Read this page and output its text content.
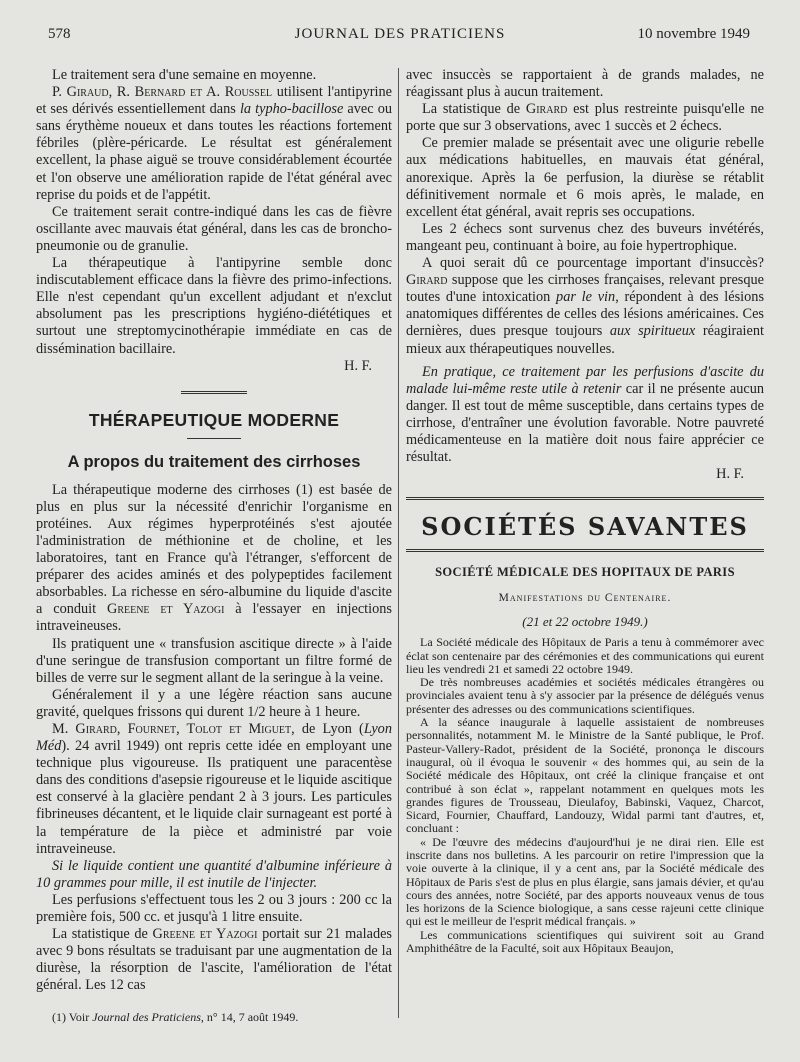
578	JOURNAL DES PRATICIENS	10 novembre 1949

Le traitement sera d'une semaine en moyenne.

P. Giraud, R. Bernard et A. Roussel utilisent l'antipyrine et ses dérivés essentiellement dans la typho-bacillose avec ou sans érythème noueux et dans toutes les réactions fortement fébriles (plère-péricarde. Le résultat est généralement excellent, la phase aiguë se trouve considérablement écourtée et l'on observe une amélioration rapide de l'état général avec reprise du poids et de l'appétit.

Ce traitement serait contre-indiqué dans les cas de fièvre oscillante avec mauvais état général, dans les cas de broncho-pneumonie ou de granulie.

La thérapeutique à l'antipyrine semble donc indiscutablement efficace dans la fièvre des primo-infections. Elle n'est cependant qu'un excellent adjudant et n'exclut absolument pas les prescriptions hygiéno-diététiques et surtout une streptomycinothérapie immédiate en cas de dissémination bacillaire.

H. F.

THÉRAPEUTIQUE MODERNE
A propos du traitement des cirrhoses

La thérapeutique moderne des cirrhoses (1) est basée de plus en plus sur la nécessité d'enrichir l'organisme en protéines. Aux régimes hyperprotéinés s'est ajoutée l'administration de méthionine et de choline, et les laboratoires, tant en France qu'à l'étranger, s'efforcent de préparer des acides aminés et des polypeptides facilement absorbables. La richesse en séro-albumine du liquide d'ascite a conduit Greene et Yazogi à l'essayer en injections intraveineuses.

Ils pratiquent une « transfusion ascitique directe » à l'aide d'une seringue de transfusion comportant un filtre formé de billes de verre sur le segment allant de la seringue à la veine.

Généralement il y a une légère réaction sans aucune gravité, quelques frissons qui durent 1/2 heure à 1 heure.

M. Girard, Fournet, Tolot et Miguet, de Lyon (Lyon Méd). 24 avril 1949) ont repris cette idée en employant une technique plus vigoureuse. Ils pratiquent une paracentèse dans des conditions d'asepsie rigoureuse et le liquide ascitique est conservé à la glacière pendant 2 à 3 jours. Les particules fibrineuses décantent, et le liquide clair surnageant est porté à la température de la pièce et administré par voie intraveineuse.

Si le liquide contient une quantité d'albumine inférieure à 10 grammes pour mille, il est inutile de l'injecter.

Les perfusions s'effectuent tous les 2 ou 3 jours : 200 cc la première fois, 500 cc. et jusqu'à 1 litre ensuite.

La statistique de Greene et Yazogi portait sur 21 malades avec 9 bons résultats se traduisant par une augmentation de la diurèse, la résorption de l'ascite, l'amélioration de l'état général. Les 12 cas

(1) Voir Journal des Praticiens, n° 14, 7 août 1949.

avec insuccès se rapportaient à de grands malades, ne réagissant plus à aucun traitement.

La statistique de Girard est plus restreinte puisqu'elle ne porte que sur 3 observations, avec 1 succès et 2 échecs.

Ce premier malade se présentait avec une oligurie rebelle aux médications habituelles, en mauvais état général, anorexique. Après la 6e perfusion, la diurèse se rétablit définitivement normale et 6 mois après, le malade, en excellent état général, avait repris ses occupations.

Les 2 échecs sont survenus chez des buveurs invétérés, mangeant peu, continuant à boire, au foie hypertrophique.

A quoi serait dû ce pourcentage important d'insuccès? Girard suppose que les cirrhoses françaises, relevant presque toutes d'une intoxication par le vin, répondent à des lésions anatomiques différentes de celles des lésions américaines. Ces dernières, dues presque toujours aux spiritueux réagiraient mieux aux thérapeutiques nouvelles.

En pratique, ce traitement par les perfusions d'ascite du malade lui-même reste utile à retenir car il ne présente aucun danger. Il est tout de même susceptible, dans certains types de cirrhose, d'entraîner une évolution favorable. Notre pauvreté médicamenteuse en la matière doit nous faire apprécier ce résultat.

H. F.

SOCIÉTÉS SAVANTES
SOCIÉTÉ MÉDICALE DES HOPITAUX DE PARIS
Manifestations du Centenaire.
(21 et 22 octobre 1949.)

La Société médicale des Hôpitaux de Paris a tenu à commémorer avec éclat son centenaire par des cérémonies et des communications qui eurent lieu les vendredi 21 et samedi 22 octobre 1949.

De très nombreuses académies et sociétés médicales étrangères ou provinciales avaient tenu à s'y associer par la présence de délégués venus présenter des adresses ou des communications scientifiques.

A la séance inaugurale à laquelle assistaient de nombreuses personnalités, notamment M. le Ministre de la Santé publique, le Prof. Pasteur-Vallery-Radot, président de la Société, prononça le discours inaugural, où il évoqua le souvenir « des hommes qui, au sein de la Société médicale des Hôpitaux, ont créé la clinique française et ont contribué à son éclat », rappelant notamment en quelques mots les grandes figures de Trousseau, Dieulafoy, Babinski, Vaquez, Charcot, Sicard, Fournier, Chauffard, Landouzy, Widal parmi tant d'autres, et, concluant :

« De l'œuvre des médecins d'aujourd'hui je ne dirai rien. Elle est inscrite dans nos bulletins. A les parcourir on retire l'impression que la voie ouverte à la clinique, il y a cent ans, par la Société médicale des Hôpitaux de Paris s'est de plus en plus élargie, sans jamais dévier, et qu'au cours des années, notre Société, par des apports nouveaux venus de tous les horizons de la Science biologique, a sans cesse rajeuni cette clinique qui est le meilleur de l'esprit médical français. »

Les communications scientifiques qui suivirent soit au Grand Amphithéâtre de la Faculté, soit aux Hôpitaux Beaujon,
